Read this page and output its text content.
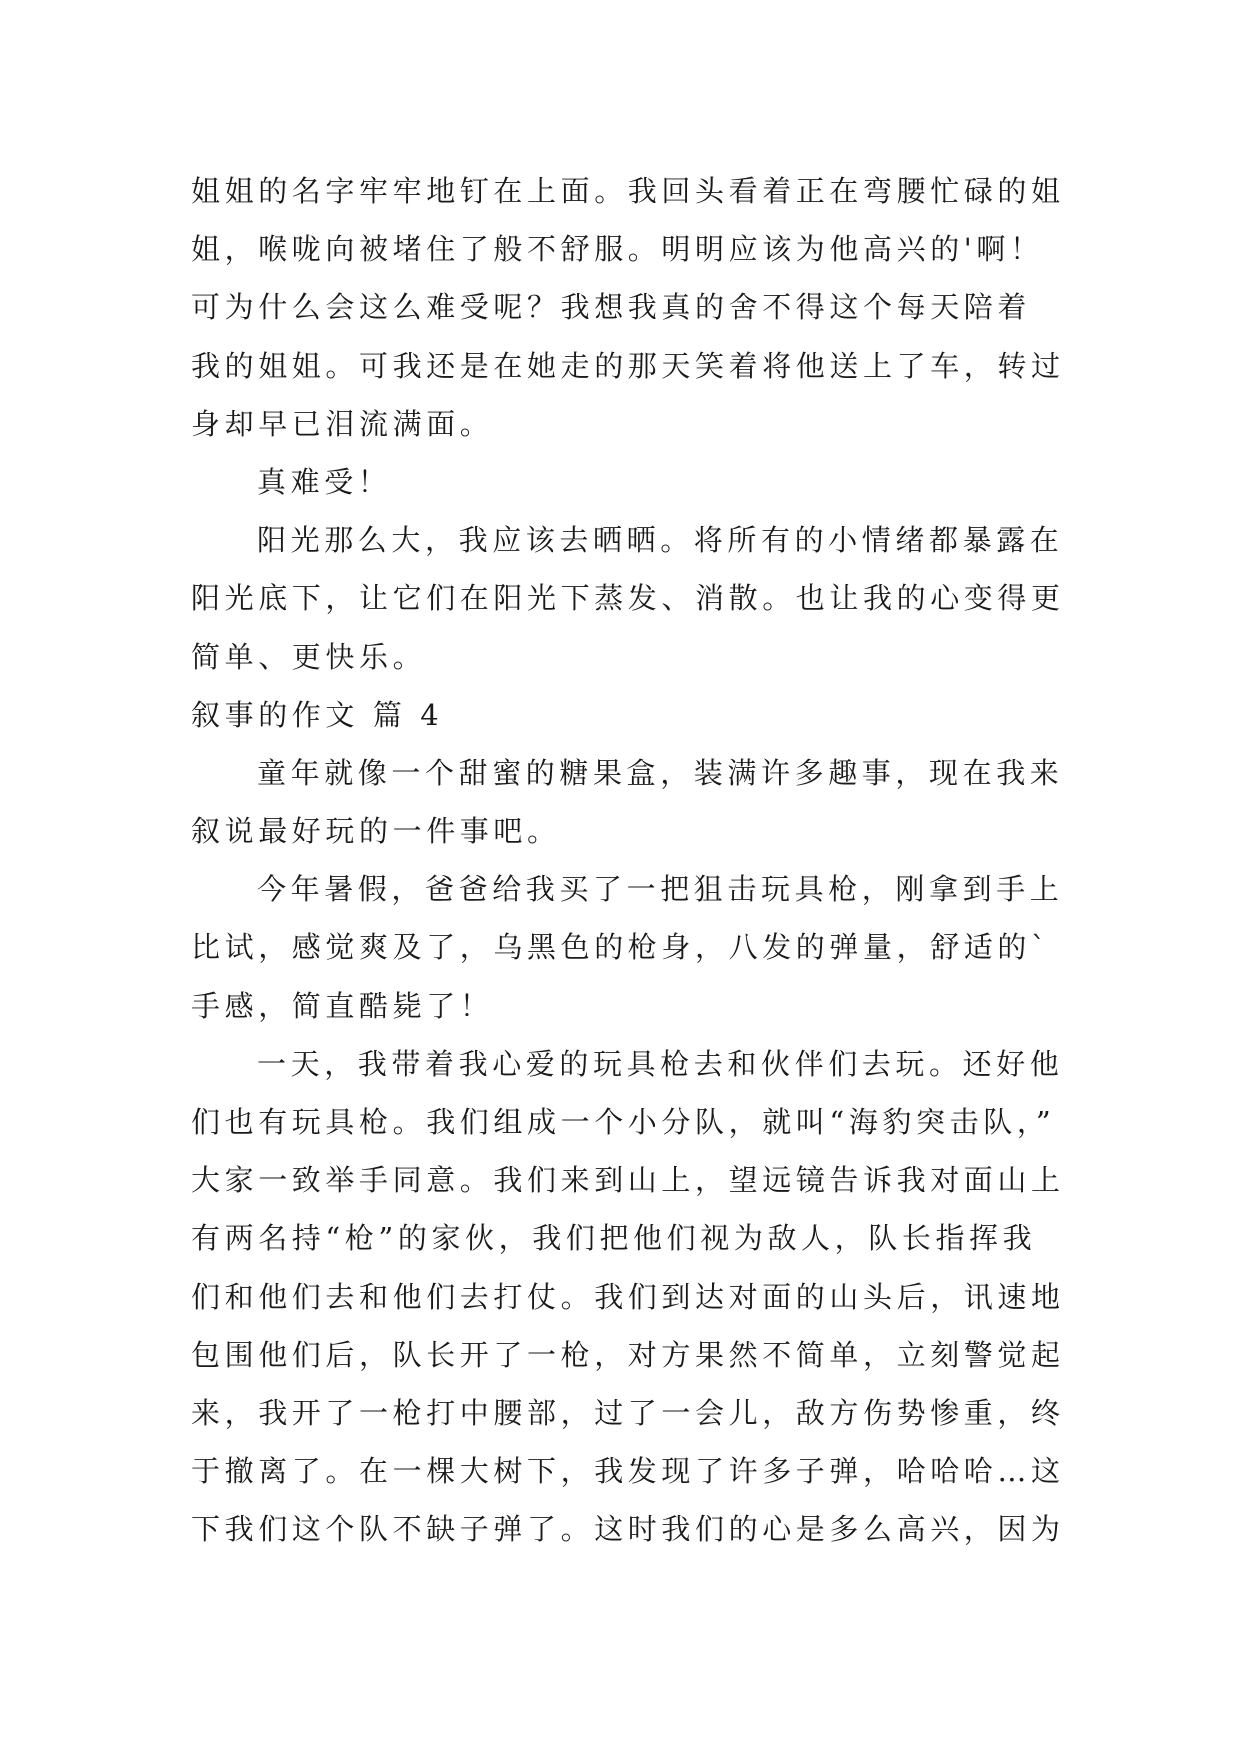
姐姐的名字牢牢地钉在上面。我回头看着正在弯腰忙碌的姐
姐，喉咙向被堵住了般不舒服。明明应该为他高兴的'啊！
可为什么会这么难受呢？我想我真的舍不得这个每天陪着
我的姐姐。可我还是在她走的那天笑着将他送上了车，转过
身却早已泪流满面。
真难受！
阳光那么大，我应该去晒晒。将所有的小情绪都暴露在
阳光底下，让它们在阳光下蒸发、消散。也让我的心变得更
简单、更快乐。
叙事的作文 篇 4
童年就像一个甜蜜的糖果盒，装满许多趣事，现在我来
叙说最好玩的一件事吧。
今年暑假，爸爸给我买了一把狙击玩具枪，刚拿到手上
比试，感觉爽及了，乌黑色的枪身，八发的弹量，舒适的`
手感，简直酷毙了！
一天，我带着我心爱的玩具枪去和伙伴们去玩。还好他
们也有玩具枪。我们组成一个小分队，就叫“海豹突击队，”
大家一致举手同意。我们来到山上，望远镜告诉我对面山上
有两名持“枪”的家伙，我们把他们视为敌人，队长指挥我
们和他们去和他们去打仗。我们到达对面的山头后，讯速地
包围他们后，队长开了一枪，对方果然不简单，立刻警觉起
来，我开了一枪打中腰部，过了一会儿，敌方伤势惨重，终
于撤离了。在一棵大树下，我发现了许多子弹，哈哈哈…这
下我们这个队不缺子弹了。这时我们的心是多么高兴，因为
